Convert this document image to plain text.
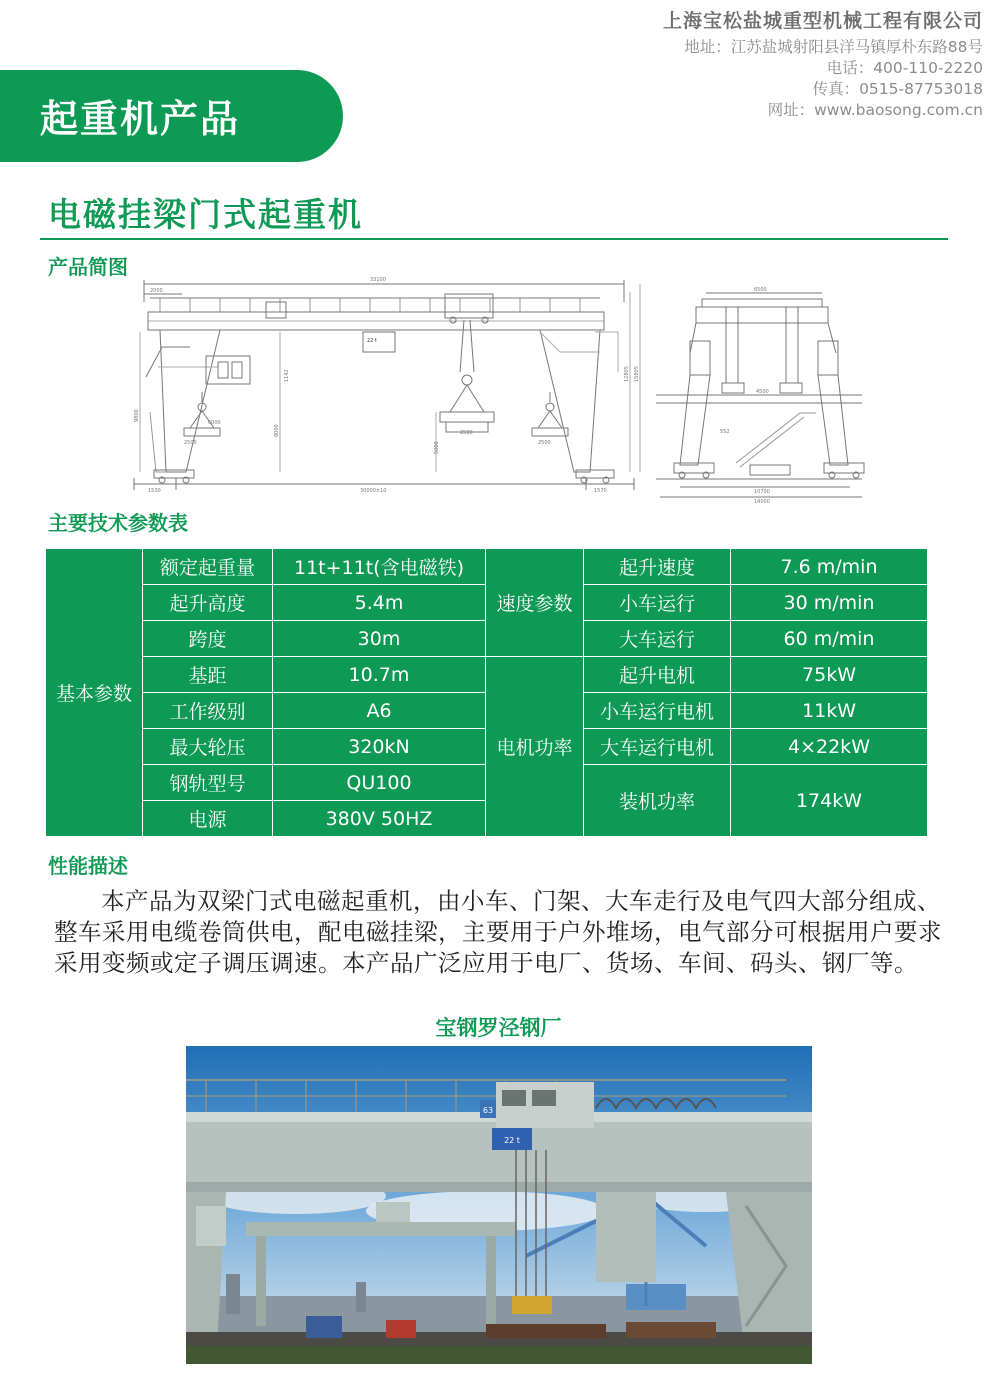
上海宝松盐城重型机械工程有限公司
地址：江苏盐城射阳县洋马镇厚朴东路88号
电话：400-110-2220
传真：0515-87753018
网址：www.baosong.com.cn
起重机产品
电磁挂梁门式起重机
产品简图
33100
2000
22 t
12805 15805
1142
8000
5000
9800
6000
2500
2500
2500
1530	30000±10	1570
6500
4500
552
10700
14000
主要技术参数表
基本参数	额定起重量	11t+11t(含电磁铁)	速度参数	起升速度	7.6 m/min
	起升高度	5.4m		小车运行	30 m/min
	跨度	30m		大车运行	60 m/min
	基距	10.7m	电机功率	起升电机	75kW
	工作级别	A6		小车运行电机	11kW
	最大轮压	320kN		大车运行电机	4×22kW
	钢轨型号	QU100		装机功率	174kW
	电源	380V 50HZ			
性能描述
本产品为双梁门式电磁起重机，由小车、门架、大车走行及电气四大部分组成、整车采用电缆卷筒供电，配电磁挂梁，主要用于户外堆场，电气部分可根据用户要求采用变频或定子调压调速。本产品广泛应用于电厂、货场、车间、码头、钢厂等。
宝钢罗泾钢厂
63
22 t
